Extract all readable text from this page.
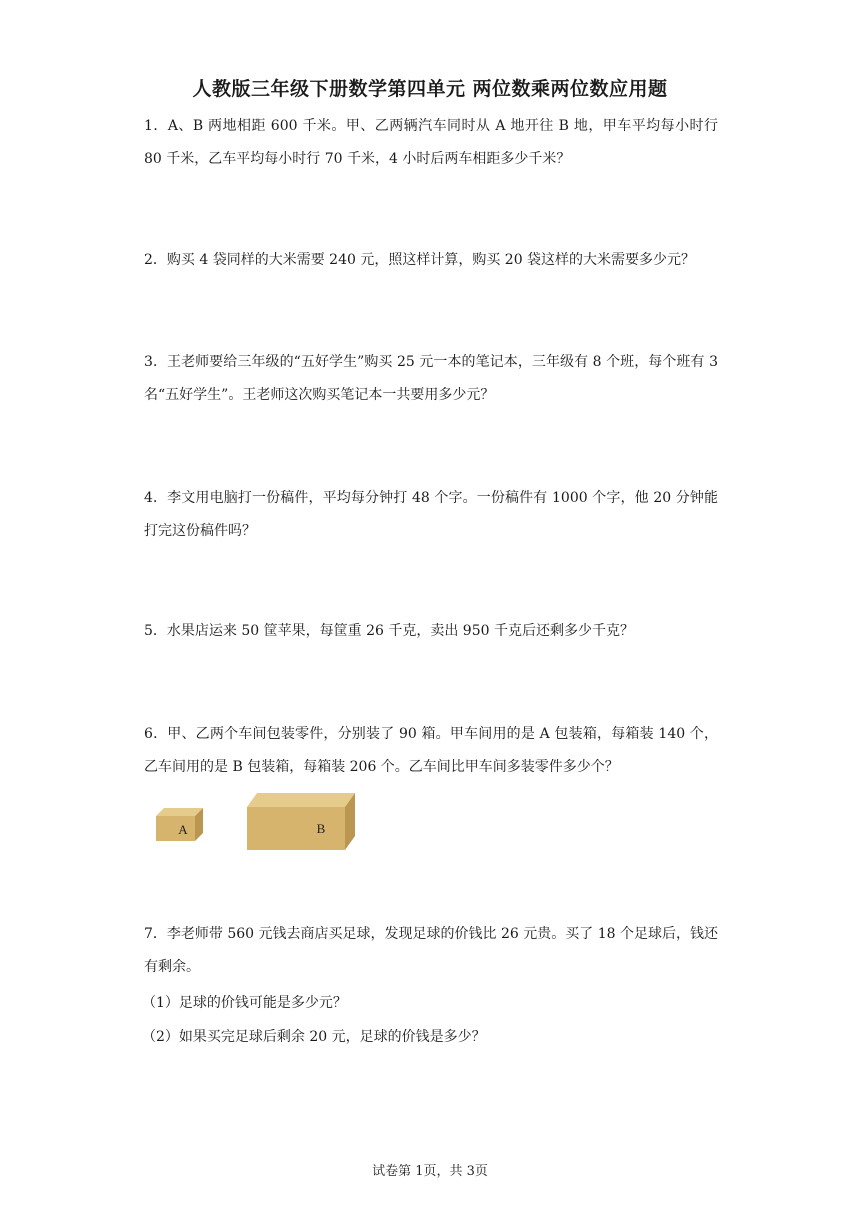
人教版三年级下册数学第四单元 两位数乘两位数应用题
1．A、B 两地相距 600 千米。甲、乙两辆汽车同时从 A 地开往 B 地，甲车平均每小时行 80 千米，乙车平均每小时行 70 千米，4 小时后两车相距多少千米？
2．购买 4 袋同样的大米需要 240 元，照这样计算，购买 20 袋这样的大米需要多少元？
3．王老师要给三年级的“五好学生”购买 25 元一本的笔记本，三年级有 8 个班，每个班有 3 名“五好学生”。王老师这次购买笔记本一共要用多少元？
4．李文用电脑打一份稿件，平均每分钟打 48 个字。一份稿件有 1000 个字，他 20 分钟能打完这份稿件吗？
5．水果店运来 50 筐苹果，每筐重 26 千克，卖出 950 千克后还剩多少千克？
6．甲、乙两个车间包装零件，分别装了 90 箱。甲车间用的是 A 包装箱，每箱装 140 个，乙车间用的是 B 包装箱，每箱装 206 个。乙车间比甲车间多装零件多少个？
A	B
7．李老师带 560 元钱去商店买足球，发现足球的价钱比 26 元贵。买了 18 个足球后，钱还有剩余。
（1）足球的价钱可能是多少元？
（2）如果买完足球后剩余 20 元，足球的价钱是多少？
试卷第 1页，共 3页
